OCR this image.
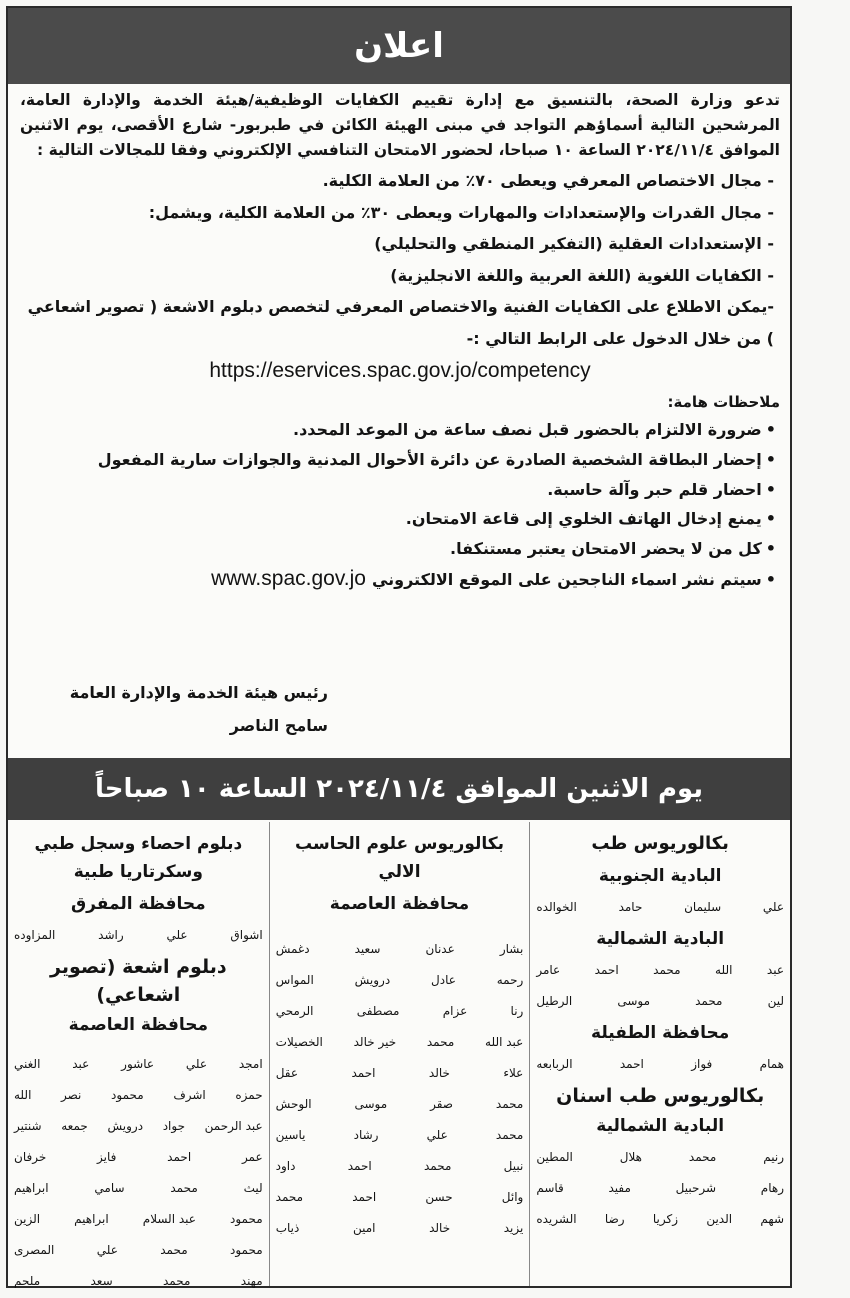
اعلان

تدعو وزارة الصحة، بالتنسيق مع إدارة تقييم الكفايات الوظيفية/هيئة الخدمة والإدارة العامة، المرشحين التالية أسماؤهم التواجد في مبنى الهيئة الكائن في طبربور- شارع الأقصى، يوم الاثنين الموافق ٢٠٢٤/١١/٤ الساعة ١٠ صباحا، لحضور الامتحان التنافسي الإلكتروني وفقا للمجالات التالية :

- مجال الاختصاص المعرفي ويعطى ٧٠٪ من العلامة الكلية.
- مجال القدرات والإستعدادات والمهارات ويعطى ٣٠٪ من العلامة الكلية، ويشمل:
- الإستعدادات العقلية (التفكير المنطقي والتحليلي)
- الكفايات اللغوية (اللغة العربية واللغة الانجليزية)
-يمكن الاطلاع على الكفايات الفنية والاختصاص المعرفي لتخصص دبلوم الاشعة ( تصوير اشعاعي ) من خلال الدخول على الرابط التالي :-

https://eservices.spac.gov.jo/competency

ملاحظات هامة:

•ضرورة الالتزام بالحضور قبل نصف ساعة من الموعد المحدد.
•إحضار البطاقة الشخصية الصادرة عن دائرة الأحوال المدنية والجوازات سارية المفعول
•احضار قلم حبر وآلة حاسبة.
•يمنع إدخال الهاتف الخلوي إلى قاعة الامتحان.
•كل من لا يحضر الامتحان يعتبر مستنكفا.
•سيتم نشر اسماء الناجحين على الموقع الالكترونيwww.spac.gov.jo
رئيس هيئة الخدمة والإدارة العامة
سامح الناصر
يوم الاثنين الموافق ٢٠٢٤/١١/٤ الساعة ١٠ صباحاً
بكالوريوس طب
البادية الجنوبية
علي
سليمان
حامد
الخوالده
البادية الشمالية
عبد
الله
محمد
احمد
عامر
لين
محمد
موسى
الرطيل
محافظة الطفيلة
همام
فواز
احمد
الربابعه
بكالوريوس طب اسنان
البادية الشمالية
رنيم
محمد
هلال
المطين
رهام
شرحبيل
مفيد
قاسم
شهم
الدين
زكريا
رضا
الشريده
بكالوريوس علوم الحاسب الالي
محافظة العاصمة
بشار
عدنان
سعيد
دغمش
رحمه
عادل
درويش
المواس
رنا
عزام
مصطفى
الرمحي
عبد الله
محمد
خير خالد
الخصيلات
علاء
خالد
احمد
عقل
محمد
صقر
موسى
الوحش
محمد
علي
رشاد
ياسين
نبيل
محمد
احمد
داود
وائل
حسن
احمد
محمد
يزيد
خالد
امين
ذياب
دبلوم احصاء وسجل طبي
وسكرتاريا طبية
محافظة المفرق
اشواق
علي
راشد
المزاوده
دبلوم اشعة (تصوير اشعاعي)
محافظة العاصمة
امجد
علي
عاشور
عبد
الغني
حمزه
اشرف
محمود
نصر
الله
عبد الرحمن
جواد
درويش
جمعه
شنتير
عمر
احمد
فايز
خرفان
ليث
محمد
سامي
ابراهيم
محمود
عبد السلام
ابراهيم
الزين
محمود
محمد
علي
المصرى
مهند
محمد
سعد
ملحم
